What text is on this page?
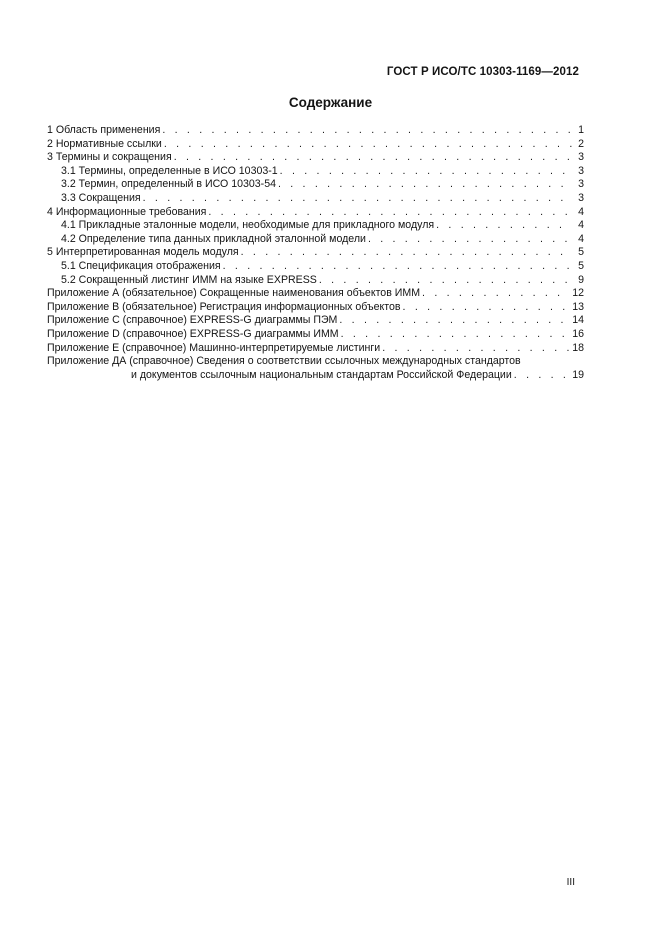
ГОСТ Р ИСО/ТС 10303-1169—2012
Содержание
1 Область применения . . .	1
2 Нормативные ссылки . . .	2
3 Термины и сокращения . . .	3
3.1 Термины, определенные в ИСО 10303-1 . . .	3
3.2 Термин, определенный в ИСО 10303-54 . . .	3
3.3 Сокращения . . .	3
4 Информационные требования . . .	4
4.1 Прикладные эталонные модели, необходимые для прикладного модуля . . .	4
4.2 Определение типа данных прикладной эталонной модели . . .	4
5 Интерпретированная модель модуля . . .	5
5.1 Спецификация отображения . . .	5
5.2 Сокращенный листинг ИММ на языке EXPRESS . . .	9
Приложение А (обязательное) Сокращенные наименования объектов ИММ . . .	12
Приложение В (обязательное) Регистрация информационных объектов . . .	13
Приложение С (справочное) EXPRESS-G диаграммы ПЭМ . . .	14
Приложение D (справочное) EXPRESS-G диаграммы ИММ . . .	16
Приложение Е (справочное) Машинно-интерпретируемые листинги . . .	18
Приложение ДА (справочное) Сведения о соответствии ссылочных международных стандартов
и документов ссылочным национальным стандартам Российской Федерации . . .	19
III
